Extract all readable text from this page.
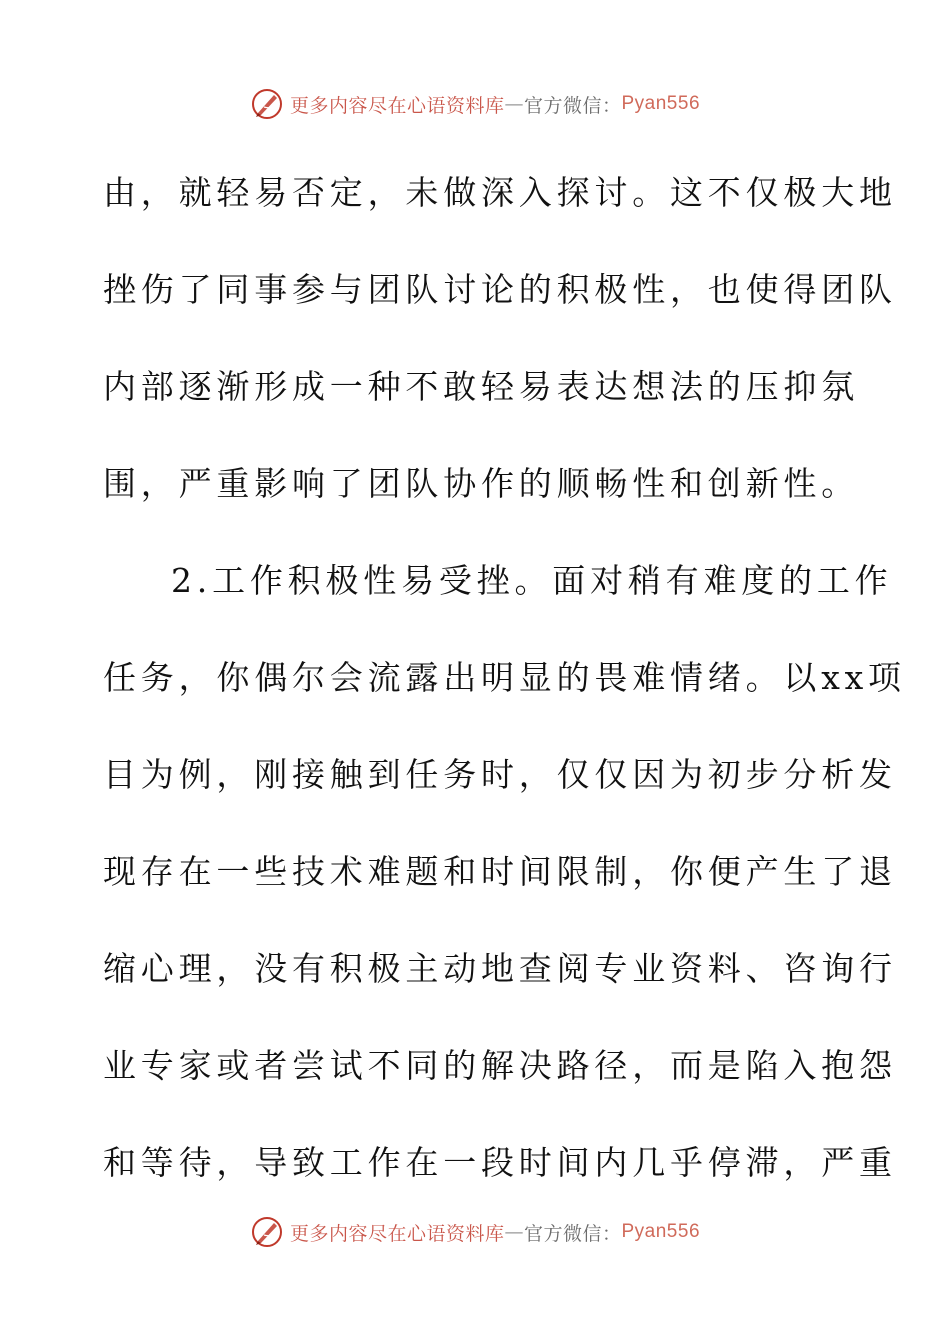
更多内容尽在心语资料库 — 官方微信： Pyan556
由，就轻易否定，未做深入探讨。这不仅极大地
挫伤了同事参与团队讨论的积极性，也使得团队
内部逐渐形成一种不敢轻易表达想法的压抑氛
围，严重影响了团队协作的顺畅性和创新性。
2.工作积极性易受挫。面对稍有难度的工作
任务，你偶尔会流露出明显的畏难情绪。以xx项
目为例，刚接触到任务时，仅仅因为初步分析发
现存在一些技术难题和时间限制，你便产生了退
缩心理，没有积极主动地查阅专业资料、咨询行
业专家或者尝试不同的解决路径，而是陷入抱怨
和等待，导致工作在一段时间内几乎停滞，严重
更多内容尽在心语资料库 — 官方微信： Pyan556
